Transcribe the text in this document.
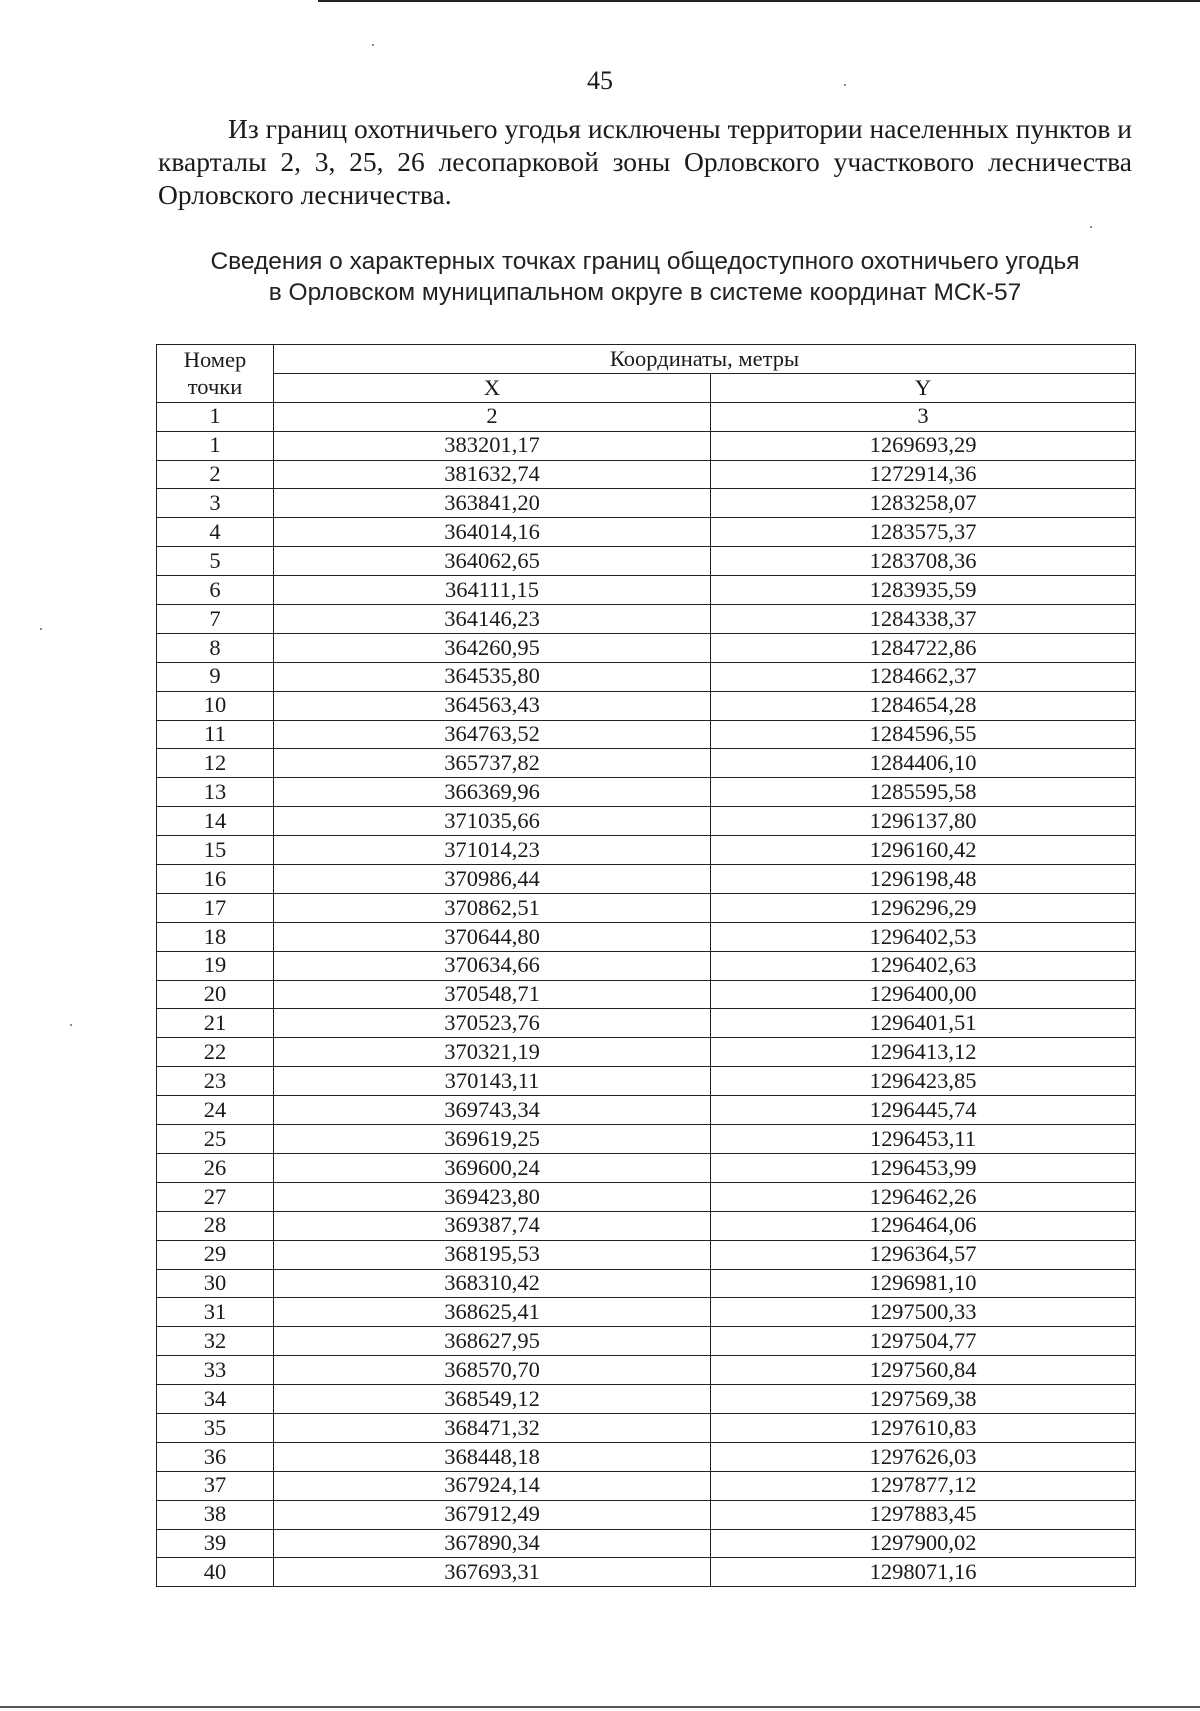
45

Из границ охотничьего угодья исключены территории населенных пунктов и кварталы 2, 3, 25, 26 лесопарковой зоны Орловского участкового лесничества Орловского лесничества.

Сведения о характерных точках границ общедоступного охотничьего угодья
в Орловском муниципальном округе в системе координат МСК-57
Номер точки	Координаты, метры	
	X	Y
1	2	3
1	383201,17	1269693,29
2	381632,74	1272914,36
3	363841,20	1283258,07
4	364014,16	1283575,37
5	364062,65	1283708,36
6	364111,15	1283935,59
7	364146,23	1284338,37
8	364260,95	1284722,86
9	364535,80	1284662,37
10	364563,43	1284654,28
11	364763,52	1284596,55
12	365737,82	1284406,10
13	366369,96	1285595,58
14	371035,66	1296137,80
15	371014,23	1296160,42
16	370986,44	1296198,48
17	370862,51	1296296,29
18	370644,80	1296402,53
19	370634,66	1296402,63
20	370548,71	1296400,00
21	370523,76	1296401,51
22	370321,19	1296413,12
23	370143,11	1296423,85
24	369743,34	1296445,74
25	369619,25	1296453,11
26	369600,24	1296453,99
27	369423,80	1296462,26
28	369387,74	1296464,06
29	368195,53	1296364,57
30	368310,42	1296981,10
31	368625,41	1297500,33
32	368627,95	1297504,77
33	368570,70	1297560,84
34	368549,12	1297569,38
35	368471,32	1297610,83
36	368448,18	1297626,03
37	367924,14	1297877,12
38	367912,49	1297883,45
39	367890,34	1297900,02
40	367693,31	1298071,16
